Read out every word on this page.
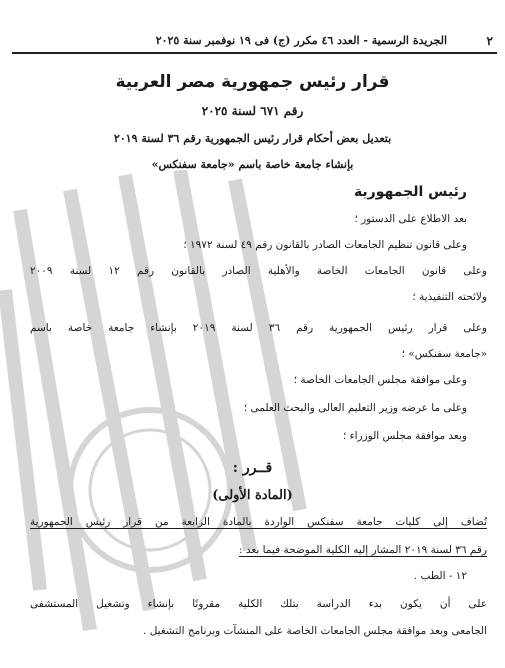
٢
الجريدة الرسمية - العدد ٤٦ مكرر (ج) فى ١٩ نوفمبر سنة ٢٠٢٥
قرار رئيس جمهورية مصر العربية
رقم ٦٧١ لسنة ٢٠٢٥
بتعديل بعض أحكام قرار رئيس الجمهورية رقم ٣٦ لسنة ٢٠١٩
بإنشاء جامعة خاصة باسم «جامعة سفنكس»
رئيس الجمهورية
بعد الاطلاع على الدستور ؛
وعلى قانون تنظيم الجامعات الصادر بالقانون رقم ٤٩ لسنة ١٩٧٢ ؛
وعلى قانون الجامعات الخاصة والأهلية الصادر بالقانون رقم ١٢ لسنة ٢٠٠٩
ولائحته التنفيذية ؛
وعلى قرار رئيس الجمهورية رقم ٣٦ لسنة ٢٠١٩ بإنشاء جامعة خاصة باسم
«جامعة سفنكس» ؛
وعلى موافقة مجلس الجامعات الخاصة ؛
وعلى ما عرضه وزير التعليم العالى والبحث العلمى ؛
وبعد موافقة مجلس الوزراء ؛
قــرر :
(المادة الأولى)
تُضاف إلى كليات جامعة سفنكس الواردة بالمادة الرابعة من قرار رئيس الجمهورية
رقم ٣٦ لسنة ٢٠١٩ المشار إليه الكلية الموضحة فيما بعد :
١٢ - الطب .
على أن يكون بدء الدراسة بتلك الكلية مقرونًا بإنشاء وتشغيل المستشفى
الجامعى وبعد موافقة مجلس الجامعات الخاصة على المنشآت وبرنامج التشغيل .
